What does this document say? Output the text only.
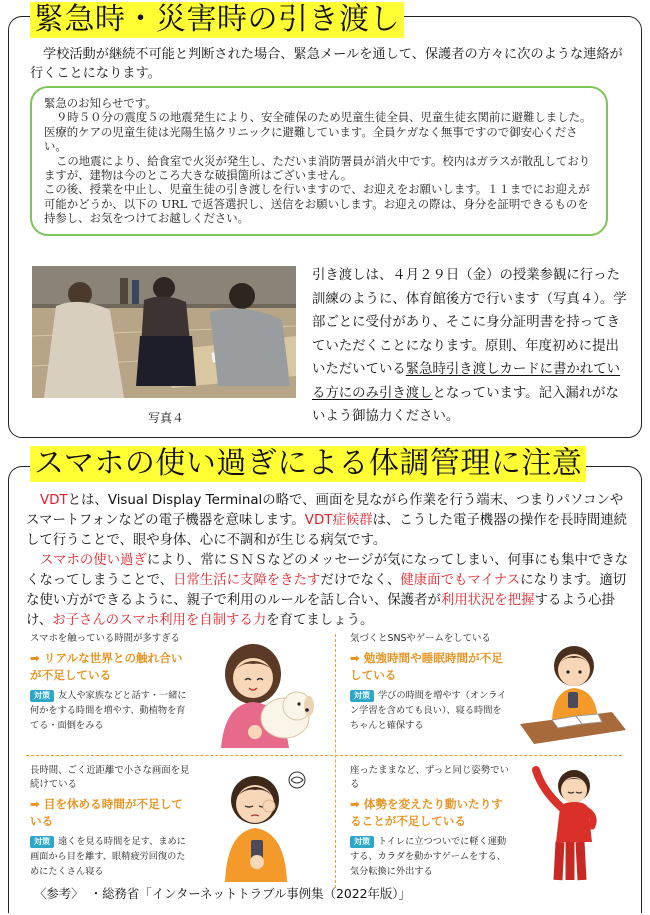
緊急時・災害時の引き渡し
学校活動が継続不可能と判断された場合、緊急メールを通して、保護者の方々に次のような連絡が行くことになります。

緊急のお知らせです。

９時５０分の震度５の地震発生により、安全確保のため児童生徒全員、児童生徒玄関前に避難しました。医療的ケアの児童生徒は光陽生協クリニックに避難しています。全員ケガなく無事ですので御安心ください。

この地震により、給食室で火災が発生し、ただいま消防署員が消火中です。校内はガラスが散乱しておりますが、建物は今のところ大きな破損箇所はございません。

この後、授業を中止し、児童生徒の引き渡しを行いますので、お迎えをお願いします。１１までにお迎えが可能かどうか、以下の URL で返答選択し、送信をお願いします。お迎えの際は、身分を証明できるものを持参し、お気をつけてお越しください。

写真４
引き渡しは、４月２９日（金）の授業参観に行った訓練のように、体育館後方で行います（写真４）。学部ごとに受付があり、そこに身分証明書を持ってきていただくことになります。原則、年度初めに提出いただいている緊急時引き渡しカードに書かれている方にのみ引き渡しとなっています。記入漏れがないよう御協力ください。
スマホの使い過ぎによる体調管理に注意
VDTとは、Visual Display Terminalの略で、画面を見ながら作業を行う端末、つまりパソコンや スマートフォンなどの電子機器を意味します。VDT症候群は、こうした電子機器の操作を長時間連続して行うことで、眼や身体、心に不調和が生じる病気です。
スマホの使い過ぎにより、常にＳＮＳなどのメッセージが気になってしまい、何事にも集中できなくなってしまうことで、日常生活に支障をきたすだけでなく、健康面でもマイナスになります。適切な使い方ができるように、親子で利用のルールを話し合い、保護者が利用状況を把握するよう心掛け、お子さんのスマホ利用を自制する力を育てましょう。
スマホを触っている時間が多すぎる
➡ リアルな世界との触れ合いが不足している
対策 友人や家族などと話す・一緒に何かをする時間を増やす、動植物を育てる・面倒をみる
気づくとSNSやゲームをしている
➡ 勉強時間や睡眠時間が不足している
対策 学びの時間を増やす（オンライン学習を含めても良い）、寝る時間をちゃんと確保する
長時間、ごく近距離で小さな画面を見続けている
➡ 目を休める時間が不足している
対策 遠くを見る時間を足す、まめに画面から目を離す、眼精疲労回復のためにたくさん寝る
座ったままなど、ずっと同じ姿勢でいる
➡ 体勢を変えたり動いたりすることが不足している
対策 トイレに立つついでに軽く運動する、カラダを動かすゲームをする、気分転換に外出する
〈参考〉　・総務省「インターネットトラブル事例集（2022年版）」
